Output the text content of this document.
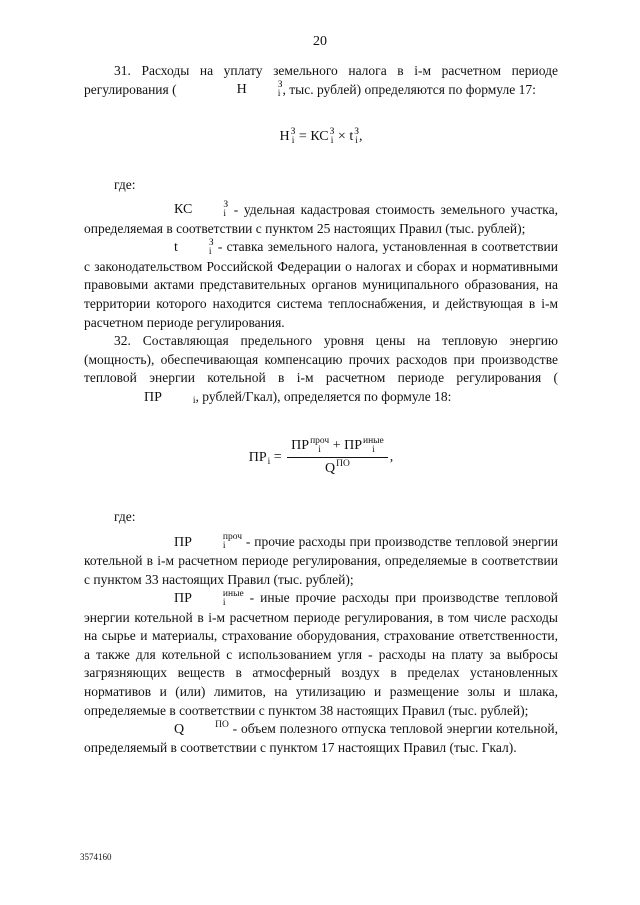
20

31. Расходы на уплату земельного налога в i-м расчетном периоде регулирования (	Н	З
i , тыс. рублей) определяются по формуле 17:

Н З
i = КС З
i × t З
i ,

где:

КС	З
i - удельная кадастровая стоимость земельного участка, определяемая в соответствии с пунктом 25 настоящих Правил (тыс. рублей);

t	З
i - ставка земельного налога, установленная в соответствии с законодательством Российской Федерации о налогах и сборах и нормативными правовыми актами представительных органов муниципального образования, на территории которого находится система теплоснабжения, и действующая в i-м расчетном периоде регулирования.

32. Составляющая предельного уровня цены на тепловую энергию (мощность), обеспечивающая компенсацию прочих расходов при производстве тепловой энергии котельной в i-м расчетном периоде регулирования (ПР
	i , рублей/Гкал), определяется по формуле 18:

ПР
i = ПР проч
i + ПР иные
i
Q ПО
,

где:

ПР	проч
i	- прочие расходы при производстве тепловой энергии котельной в i-м расчетном периоде регулирования, определяемые в соответствии с пунктом 33 настоящих Правил (тыс. рублей);

ПР	иные
i	- иные прочие расходы при производстве тепловой энергии котельной в i-м расчетном периоде регулирования, в том числе расходы на сырье и материалы, страхование оборудования, страхование ответственности, а также для котельной с использованием угля - расходы на плату за выбросы загрязняющих веществ в атмосферный воздух в пределах установленных нормативов и (или) лимитов, на утилизацию и размещение золы и шлака, определяемые в соответствии с пунктом 38 настоящих Правил (тыс. рублей);

Q	ПО
- объем полезного отпуска тепловой энергии котельной, определяемый в соответствии с пунктом 17 настоящих Правил (тыс. Гкал).

3574160
